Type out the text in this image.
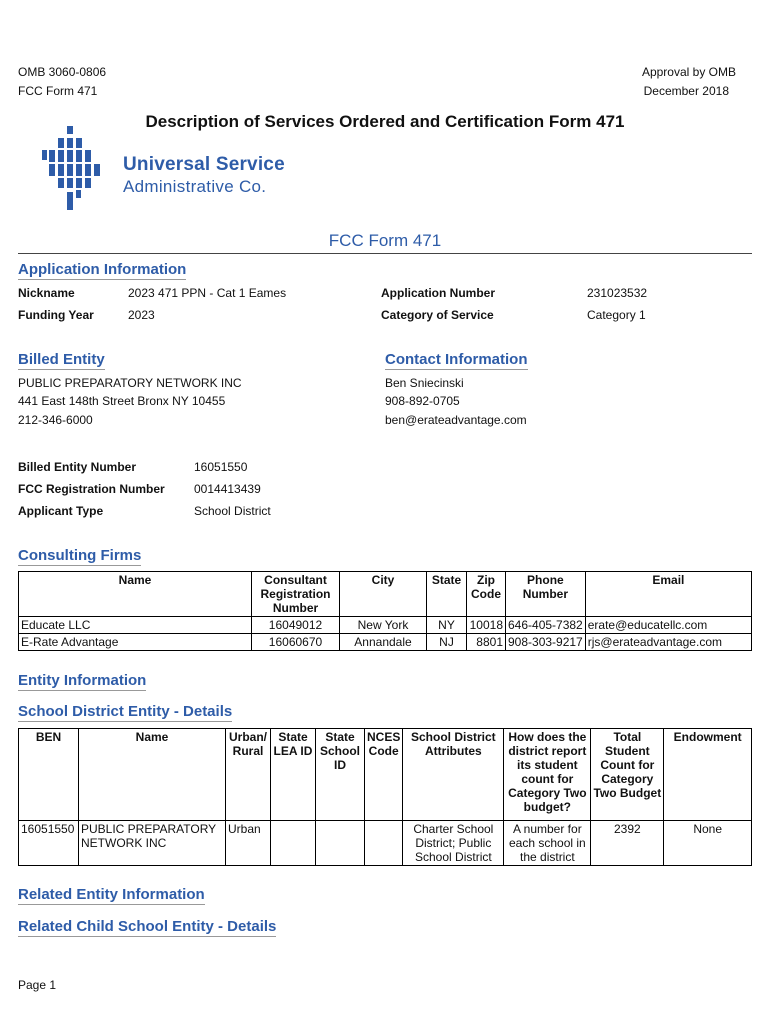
OMB 3060-0806
FCC Form 471
Approval by OMB
December 2018
Description of Services Ordered and Certification Form 471
Universal Service
Administrative Co.
FCC Form 471
Application Information
Nickname	2023 471 PPN - Cat 1 Eames	Application Number	231023532
Funding Year	2023	Category of Service	Category 1
Billed Entity
PUBLIC PREPARATORY NETWORK INC
441 East 148th Street Bronx NY 10455
212-346-6000
Contact Information
Ben Sniecinski
908-892-0705
ben@erateadvantage.com
Billed Entity Number	16051550
FCC Registration Number 0014413439
Applicant Type	School District
Consulting Firms
Name	Consultant Registration Number	City	State	Zip Code	Phone Number	Email
Educate LLC	16049012	New York	NY	10018	646-405-7382	erate@educatellc.com
E-Rate Advantage	16060670	Annandale	NJ	8801	908-303-9217	rjs@erateadvantage.com
Entity Information
School District Entity - Details
BEN	Name	Urban/ Rural	State LEA ID	State School ID	NCES Code	School District Attributes	How does the district report its student count for Category Two budget?	Total Student Count for Category Two Budget	Endowment
16051550	PUBLIC PREPARATORY NETWORK INC	Urban				Charter School District; Public School District	A number for each school in the district	2392	None
Related Entity Information
Related Child School Entity - Details
Page 1
